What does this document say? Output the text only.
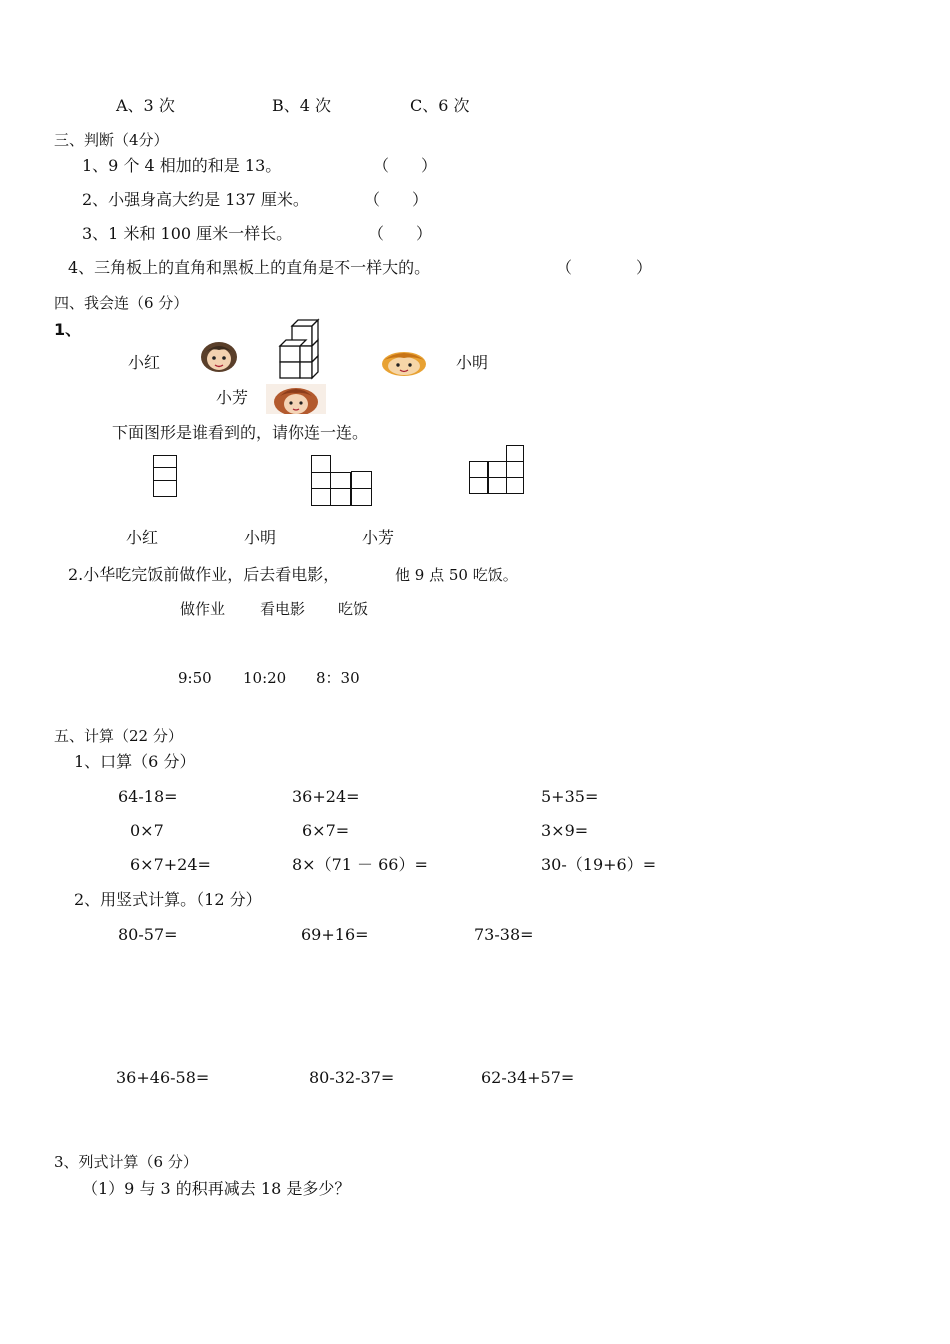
A、3 次	B、4 次	C、6 次
三、判断（4分）
1、9 个 4 相加的和是 13。	（　　）
2、小强身高大约是 137 厘米。	（　　）
3、1 米和 100 厘米一样长。	（　　）
4、三角板上的直角和黑板上的直角是不一样大的。	（　　　　）
四、我会连（6 分）
1、
小红	小明
小芳
下面图形是谁看到的，请你连一连。
小红	小明	小芳
2.小华吃完饭前做作业，后去看电影，	他 9 点 50 吃饭。
做作业 看电影 吃饭
9:50 10:20 8：30
五、计算（22 分）
1、口算（6 分）
64-18=	36+24=	5+35=
0×7	6×7=	3×9=
6×7+24=	8×（71 － 66）=	30-（19+6）=
2、用竖式计算。（12 分）
80-57=	69+16=	73-38=
36+46-58=	80-32-37=	62-34+57=
3、列式计算（6 分）
（1）9 与 3 的积再减去 18 是多少？
